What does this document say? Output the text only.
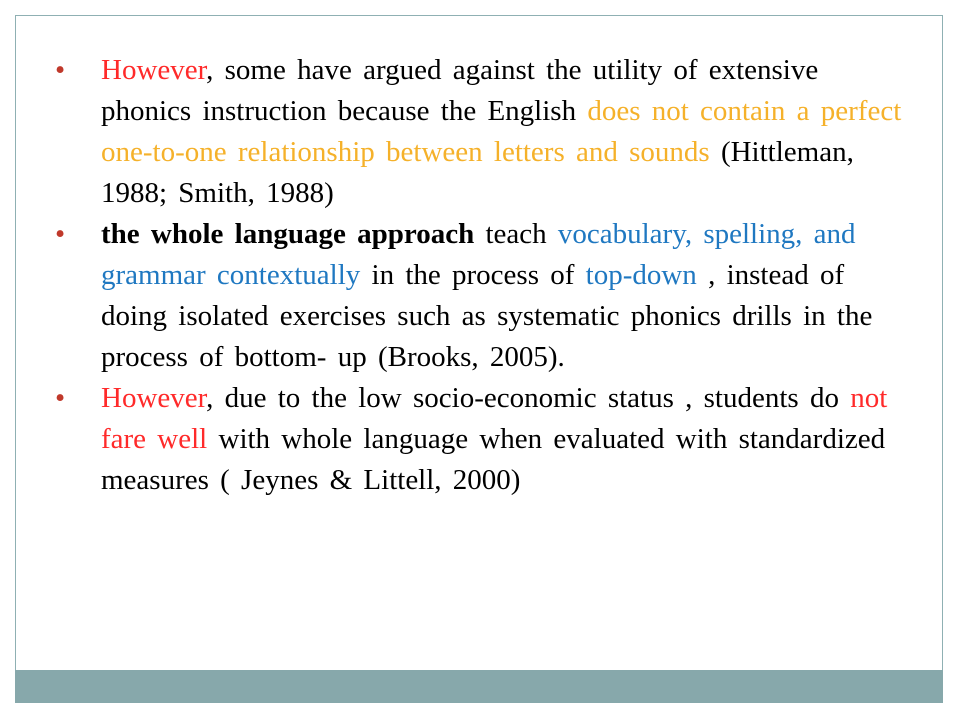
• However, some have argued against the utility of extensive phonics instruction because the English does not contain a perfect one-to-one relationship between letters and sounds (Hittleman, 1988; Smith, 1988)
• the whole language approach teach vocabulary, spelling, and grammar contextually in the process of top-down , instead of doing isolated exercises such as systematic phonics drills in the process of bottom- up (Brooks, 2005).
• However, due to the low socio-economic status , students do not fare well with whole language when evaluated with standardized measures ( Jeynes & Littell, 2000)
